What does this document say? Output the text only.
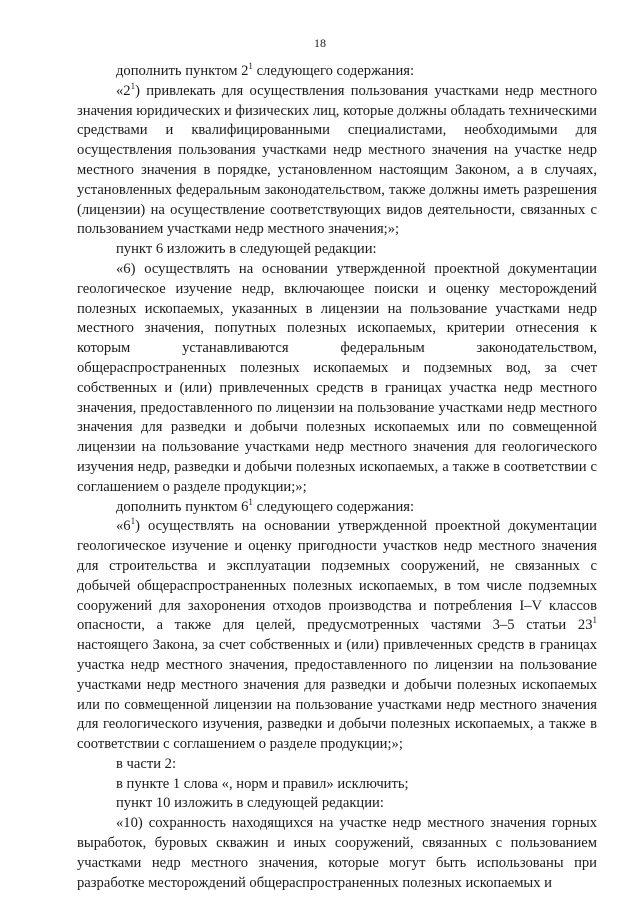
18

дополнить пунктом $2^1$ следующего содержания:

«$2^1$) привлекать для осуществления пользования участками недр местного значения юридических и физических лиц, которые должны обладать техническими средствами и квалифицированными специалистами, необходимыми для осуществления пользования участками недр местного значения на участке недр местного значения в порядке, установленном настоящим Законом, а в случаях, установленных федеральным законодательством, также должны иметь разрешения (лицензии) на осуществление соответствующих видов деятельности, связанных с пользованием участками недр местного значения;»;

пункт 6 изложить в следующей редакции:

«6) осуществлять на основании утвержденной проектной документации геологическое изучение недр, включающее поиски и оценку месторождений полезных ископаемых, указанных в лицензии на пользование участками недр местного значения, попутных полезных ископаемых, критерии отнесения к которым устанавливаются федеральным законодательством, общераспространенных полезных ископаемых и подземных вод, за счет собственных и (или) привлеченных средств в границах участка недр местного значения, предоставленного по лицензии на пользование участками недр местного значения для разведки и добычи полезных ископаемых или по совмещенной лицензии на пользование участками недр местного значения для геологического изучения недр, разведки и добычи полезных ископаемых, а также в соответствии с соглашением о разделе продукции;»;

дополнить пунктом $6^1$ следующего содержания:

«$6^1$) осуществлять на основании утвержденной проектной документации геологическое изучение и оценку пригодности участков недр местного значения для строительства и эксплуатации подземных сооружений, не связанных с добычей общераспространенных полезных ископаемых, в том числе подземных сооружений для захоронения отходов производства и потребления I–V классов опасности, а также для целей, предусмотренных частями 3–5 статьи $23^1$ настоящего Закона, за счет собственных и (или) привлеченных средств в границах участка недр местного значения, предоставленного по лицензии на пользование участками недр местного значения для разведки и добычи полезных ископаемых или по совмещенной лицензии на пользование участками недр местного значения для геологического изучения, разведки и добычи полезных ископаемых, а также в соответствии с соглашением о разделе продукции;»;

в части 2:

в пункте 1 слова «, норм и правил» исключить;

пункт 10 изложить в следующей редакции:

«10) сохранность находящихся на участке недр местного значения горных выработок, буровых скважин и иных сооружений, связанных с пользованием участками недр местного значения, которые могут быть использованы при разработке месторождений общераспространенных полезных ископаемых и
